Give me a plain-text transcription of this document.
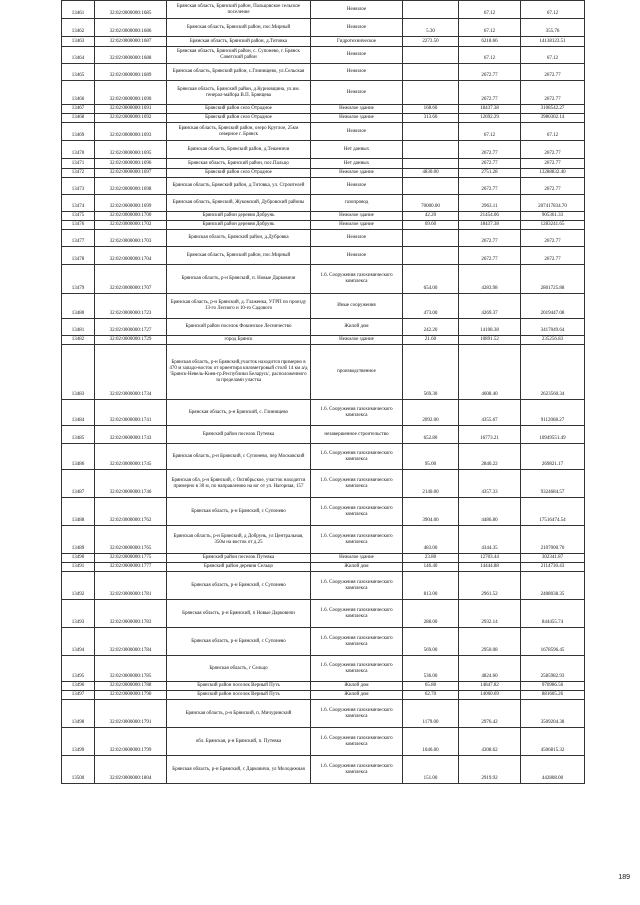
13461	32:02:0000000:1685	Брянская область, Брянский район, Пальцовское сельское поселение	Нежилое		67.12	67.12
13462	32:02:0000000:1686	Брянская область, Брянский район, пос.Мирный	Нежилое	5.30	67.12	355.76
13463	32:02:0000000:1687	Брянская область, Брянский район, д.Титовка	Гидротехническое	2273.50	6218.66	14138123.51
13464	32:02:0000000:1688	Брянская область, Брянский район, с. Супонево, г. Брянск Советский район	Нежилое		67.12	67.12
13465	32:02:0000000:1689	Брянская область, Брянский район, с.Глинищево, ул.Сельская	Нежилое		2672.77	2672.77
13466	32:02:0000000:1690	Брянская область, Брянский район, д.Курновщина, ул.им. генерал-майора В.П. Брянцева	Нежилое		2672.77	2672.77
13467	32:02:0000000:1691	Брянский район село Отрадное	Нежилое здание	168.60	18437.38	3108542.27
13468	32:02:0000000:1692	Брянский район село Отрадное	Нежилое здание	313.60	12692.29	3980302.14
13469	32:02:0000000:1693	Брянская область, Брянский район, озеро Круглое, 25км северное г. Брянск	Нежилое		67.12	67.12
13470	32:02:0000000:1695	Брянская область, Брянский район, д.Тешеничи	Нет данных		2672.77	2672.77
13471	32:02:0000000:1696	Брянская область, Брянский район, пос.Пальцо	Нет данных		2672.77	2672.77
13472	32:02:0000000:1697	Брянский район село Отрадное	Нежилое здание	4830.00	2751.28	13288832.40
13473	32:02:0000000:1698	Брянская область, Брянский район, д.Титовка, ул. Строителей	Нежилое		2672.77	2672.77
13474	32:02:0000000:1699	Брянская область, Брянский, Жуковский, Дубровский районы	газопровод	70000.00	2963.11	207417834.70
13475	32:02:0000000:1700	Брянский район деревня Добрунь	Нежилое здание	42.20	21454.06	905361.33
13476	32:02:0000000:1702	Брянский район деревня Добрунь	Нежилое здание	69.60	18437.38	1283241.65
13477	32:02:0000000:1703	Брянская область, Брянский район, д.Дубровка	Нежилое		2672.77	2672.77
13478	32:02:0000000:1704	Брянская область, Брянский район, пос.Мирный	Нежилое		2672.77	2672.77
13479	32:02:0000000:1707	Брянская область, р-н Брянский, п. Новые Дарковичи	1.6. Сооружения газохимического комплекса	654.00	4283.98	2801725.88
13480	32:02:0000000:1723	Брянская область, р-н Брянский, д. Глаженка, УГРП по проезду 13-го Лесного и 10-го Садового	Иные сооружения	473.00	4269.37	2019447.08
13481	32:02:0000000:1727	Брянский район поселок Фокинское Лесничество	Жилой дом	242.20	14108.38	3417049.64
13482	32:02:0000000:1729	город Брянск	Нежилое здание	21.60	10891.52	235256.83
13483	32:02:0000000:1734	Брянская область, р-н Брянский,участок находится примерно в 470 м западо-восток от ориентира километровый столб 14 км а/д 'Брянск-Невель-Киев-гр.Республики Беларусь', расположенного за пределами участка	производственное	569.30	4608.40	2623560.34
13484	32:02:0000000:1741	Брянская область, р-н Брянский, с. Глинищево	1.6. Сооружения газохимического комплекса	2092.00	4355.67	9112068.27
13485	32:02:0000000:1743	Брянский район поселок Путевка	незавершенное строительство	652.80	16773.21	10949551.49
13486	32:02:0000000:1745	Брянская область, р-н Брянский, с Супонево, пер Московский	1.6. Сооружения газохимического комплекса	95.00	2840.22	269821.17
13487	32:02:0000000:1746	Брянская обл, р-н Брянский, с Октябрьское, участок находится примерно в 30 м, по направлению на юг от ул. Нагорная, 157	1.6. Сооружения газохимического комплекса	2140.00	4357.33	9324684.57
13488	32:02:0000000:1762	Брянская область, р-н Брянский, с Супонево	1.6. Сооружения газохимического комплекса	3904.00	4486.80	17516474.54
13489	32:02:0000000:1765	Брянская область, р-н Брянский, д Добрунь, ул Центральная, 350м на восток от д.25	1.6. Сооружения газохимического комплекса	483.00	4344.35	2107000.70
13490	32:02:0000000:1775	Брянский район поселок Путевка	Нежилое здание	23.80	12703.44	302341.87
13491	32:02:0000000:1777	Брянский район деревня Сельцо	Жилой дом	146.40	14444.88	2114730.43
13492	32:02:0000000:1781	Брянская область, р-н Брянский, с Супонево	1.6. Сооружения газохимического комплекса	813.00	2961.52	2408038.35
13493	32:02:0000000:1783	Брянская область, р-н Брянский, п Новые Дарковичи	1.6. Сооружения газохимического комплекса	288.00	2932.14	844455.74
13494	32:02:0000000:1784	Брянская область, р-н Брянский, с Супонево	1.6. Сооружения газохимического комплекса	569.00	2950.08	1678596.45
13495	32:02:0000000:1785	Брянская область, г Сельцо	1.6. Сооружения газохимического комплекса	536.00	4824.60	2585982.93
13496	32:02:0000000:1788	Брянский район поселок Верный Путь	Жилой дом	65.80	14847.82	976986.56
13497	32:02:0000000:1790	Брянский район поселок Верный Путь	Жилой дом	62.70	14060.69	881605.26
13498	32:02:0000000:1791	Брянская область, р-н Брянский, п. Мичуринский	1.6. Сооружения газохимического комплекса	1179.00	2976.42	3509204.38
13499	32:02:0000000:1799	обл. Брянская, р-н Брянский, п. Путевка	1.6. Сооружения газохимического комплекса	1046.00	4308.62	4506815.32
13500	32:02:0000000:1804	Брянская область, р-н Брянский, с Дарковичи, ул Молодежная	1.6. Сооружения газохимического комплекса	151.00	2919.92	442808.00
189
